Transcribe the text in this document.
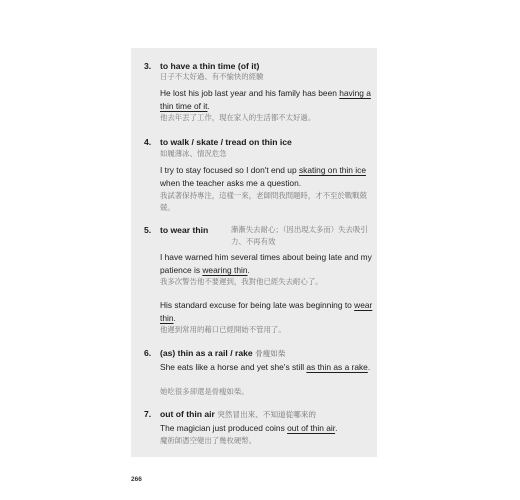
3. to have a thin time (of it)
日子不太好過、有不愉快的經驗
He lost his job last year and his family has been having a thin time of it.
他去年丟了工作，現在家人的生活都不太好過。
4. to walk / skate / tread on thin ice
如履薄冰、情況危急
I try to stay focused so I don't end up skating on thin ice when the teacher asks me a question.
我試著保持專注，這樣一來，老師問我問題時，才不至於戰戰兢兢。
5. to wear thin	漸漸失去耐心；（因出現太多而）失去吸引力、不再有效
I have warned him several times about being late and my patience is wearing thin.
我多次警告他不要遲到，我對他已經失去耐心了。
His standard excuse for being late was beginning to wear thin.
他遲到常用的藉口已經開始不管用了。
6. (as) thin as a rail / rake 骨瘦如柴
She eats like a horse and yet she's still as thin as a rake.
她吃很多卻還是骨瘦如柴。
7. out of thin air 突然冒出來、不知道從哪來的
The magician just produced coins out of thin air.
魔術師憑空變出了幾枚硬幣。
266
